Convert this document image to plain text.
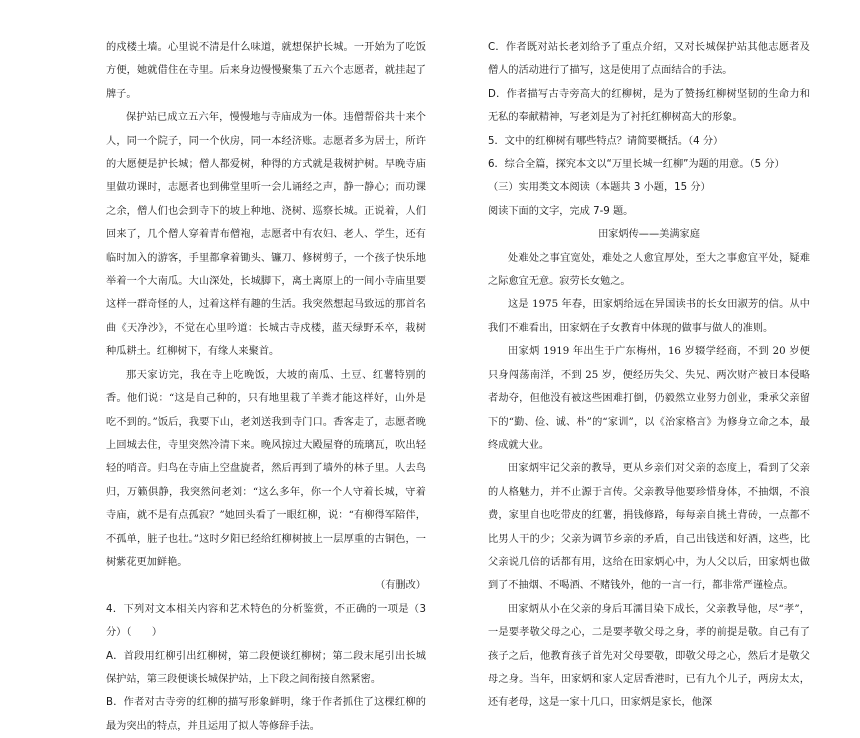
的戍楼土墙。心里说不清是什么味道，就想保护长城。一开始为了吃饭方便，她就借住在寺里。后来身边慢慢聚集了五六个志愿者，就挂起了牌子。

保护站已成立五六年，慢慢地与寺庙成为一体。违僧帮俗共十来个人，同一个院子，同一个伙房，同一本经济账。志愿者多为居士，所许的大愿便是护长城；僧人都爱树，种得的方式就是栽树护树。早晚寺庙里做功课时，志愿者也到佛堂里听一会儿诵经之声，静一静心；而功课之余，僧人们也会到寺下的坡上种地、浇树、巡察长城。正说着，人们回来了，几个僧人穿着青布僧袍，志愿者中有农妇、老人、学生，还有临时加入的游客，手里都拿着锄头、镰刀、修树剪子，一个孩子快乐地举着一个大南瓜。大山深处，长城脚下，离土离原上的一间小寺庙里要这样一群奇怪的人，过着这样有趣的生活。我突然想起马致远的那首名曲《天净沙》，不觉在心里吟道：长城古寺戍楼，蓝天绿野禾卒，栽树种瓜耕土。红柳树下，有缘人来聚首。

那天家访完，我在寺上吃晚饭，大坡的南瓜、土豆、红薯特别的香。他们说：“这是自己种的，只有地里栽了羊粪才能这样好，山外是吃不到的。”饭后，我要下山，老刘送我到寺门口。香客走了，志愿者晚上回城去住，寺里突然冷清下来。晚风掠过大殿屋脊的琉璃瓦，吹出轻轻的哨音。归鸟在寺庙上空盘旋者，然后再到了墙外的林子里。人去鸟归，万籁俱静，我突然问老刘：“这么多年，你一个人守着长城，守着寺庙，就不是有点孤寂？”她回头看了一眼红柳，说：“有柳得军陪伴，不孤单，脏子也壮。”这时夕阳已经给红柳树披上一层厚重的古铜色，一树紫花更加鲜艳。

（有删改）

4．下列对文本相关内容和艺术特色的分析鉴赏，不正确的一项是（3 分）（　　）

A．首段用红柳引出红柳树，第二段便谈红柳树；第二段末尾引出长城保护站，第三段便谈长城保护站，上下段之间衔接自然紧密。

B．作者对古寺旁的红柳的描写形象鲜明，缘于作者抓住了这棵红柳的最为突出的特点，并且运用了拟人等修辞手法。

C．作者既对站长老刘给予了重点介绍，又对长城保护站其他志愿者及僧人的活动进行了描写，这是使用了点面结合的手法。

D．作者描写古寺旁高大的红柳树，是为了赞扬红柳树坚韧的生命力和无私的奉献精神，写老刘是为了衬托红柳树高大的形象。

5．文中的红柳树有哪些特点？请简要概括。（4 分）

6．综合全篇，探究本文以“万里长城一红柳”为题的用意。（5 分）

（三）实用类文本阅读（本题共 3 小题，15 分）

阅读下面的文字，完成 7-9 题。

田家炳传——美满家庭

处难处之事宜宽处，难处之人愈宜厚处，至大之事愈宜平处，疑难之际愈宜无意。寂劳长女勉之。

这是 1975 年春，田家炳给远在异国读书的长女田淑芳的信。从中我们不难看出，田家炳在子女教育中体现的做事与做人的准则。

田家炳 1919 年出生于广东梅州，16 岁辍学经商，不到 20 岁便只身闯荡南洋，不到 25 岁，便经历失父、失兄、两次财产被日本侵略者劫夺，但他没有被这些困难打倒，仍毅然立业努力创业，秉承父亲留下的“勤、俭、诚、朴”的“家训”，以《治家格言》为修身立命之本，最终成就大业。

田家炳牢记父亲的教导，更从乡亲们对父亲的态度上，看到了父亲的人格魅力，并不止源于言传。父亲教导他要珍惜身体，不抽烟，不浪费，家里自也吃带皮的红薯，捐钱修路，每每亲自挑土背砖，一点都不比男人干的少；父亲为调节乡亲的矛盾，自己出钱送和好酒，这些，比父亲说几倍的话都有用，这给在田家炳心中，为人父以后，田家炳也做到了不抽烟、不喝酒、不赌钱外，他的一言一行，都非常严谨检点。

田家炳从小在父亲的身后耳濡目染下成长，父亲教导他，尽“孝”，一是要孝敬父母之心，二是要孝敬父母之身，孝的前提是敬。自己有了孩子之后，他教育孩子首先对父母要敬，即敬父母之心，然后才是敬父母之身。当年，田家炳和家人定居香港时，已有九个儿子，两房太太，还有老母，这是一家十几口，田家炳是家长，他深
